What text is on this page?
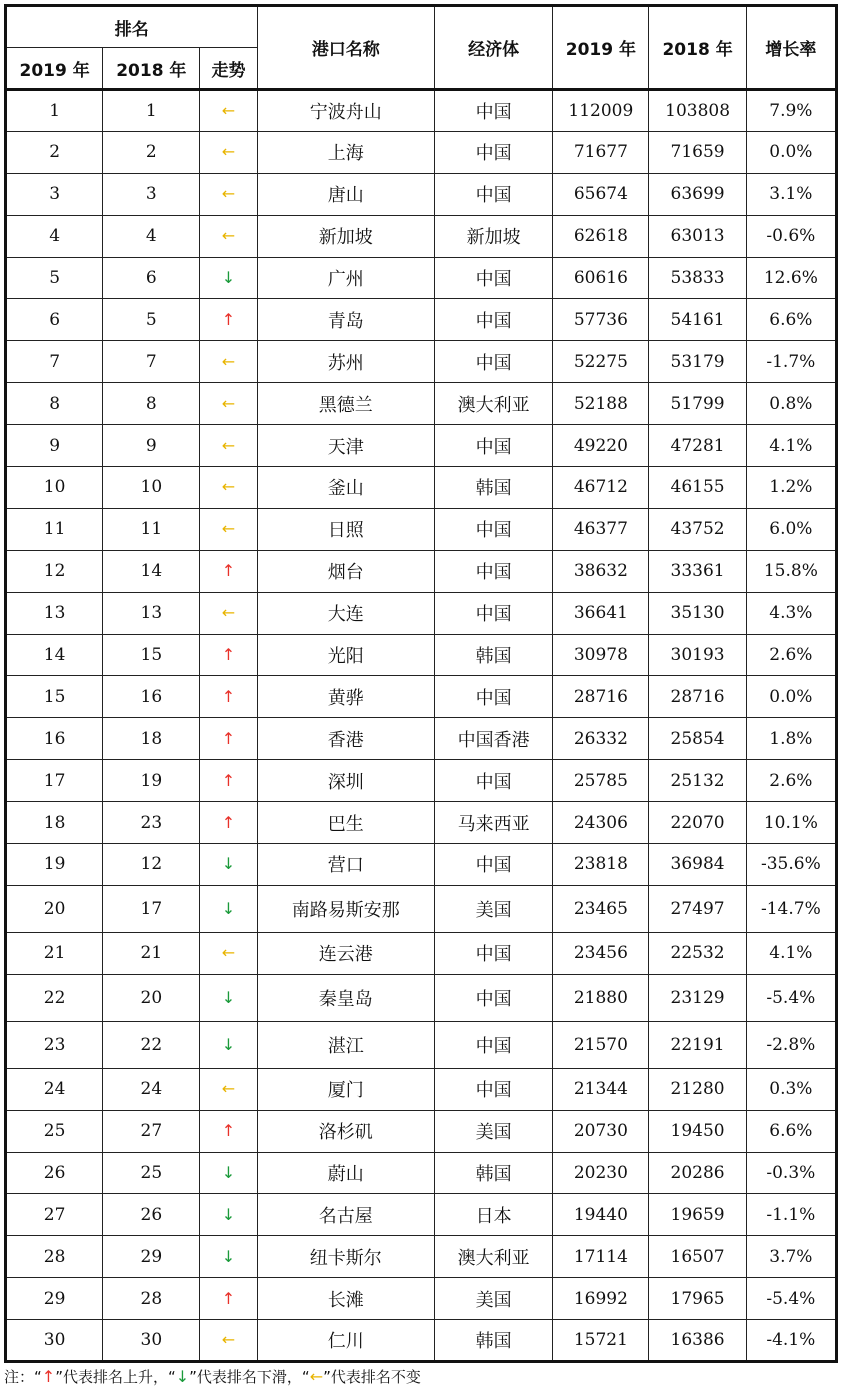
排名			港口名称	经济体	2019 年	2018 年	增长率
2019 年	2018 年	走势					
1	1	←	宁波舟山	中国	112009	103808	7.9%
2	2	←	上海	中国	71677	71659	0.0%
3	3	←	唐山	中国	65674	63699	3.1%
4	4	←	新加坡	新加坡	62618	63013	-0.6%
5	6	↓	广州	中国	60616	53833	12.6%
6	5	↑	青岛	中国	57736	54161	6.6%
7	7	←	苏州	中国	52275	53179	-1.7%
8	8	←	黑德兰	澳大利亚	52188	51799	0.8%
9	9	←	天津	中国	49220	47281	4.1%
10	10	←	釜山	韩国	46712	46155	1.2%
11	11	←	日照	中国	46377	43752	6.0%
12	14	↑	烟台	中国	38632	33361	15.8%
13	13	←	大连	中国	36641	35130	4.3%
14	15	↑	光阳	韩国	30978	30193	2.6%
15	16	↑	黄骅	中国	28716	28716	0.0%
16	18	↑	香港	中国香港	26332	25854	1.8%
17	19	↑	深圳	中国	25785	25132	2.6%
18	23	↑	巴生	马来西亚	24306	22070	10.1%
19	12	↓	营口	中国	23818	36984	-35.6%
20	17	↓	南路易斯安那	美国	23465	27497	-14.7%
21	21	←	连云港	中国	23456	22532	4.1%
22	20	↓	秦皇岛	中国	21880	23129	-5.4%
23	22	↓	湛江	中国	21570	22191	-2.8%
24	24	←	厦门	中国	21344	21280	0.3%
25	27	↑	洛杉矶	美国	20730	19450	6.6%
26	25	↓	蔚山	韩国	20230	20286	-0.3%
27	26	↓	名古屋	日本	19440	19659	-1.1%
28	29	↓	纽卡斯尔	澳大利亚	17114	16507	3.7%
29	28	↑	长滩	美国	16992	17965	-5.4%
30	30	←	仁川	韩国	15721	16386	-4.1%
注：“↑”代表排名上升，“↓”代表排名下滑，“←”代表排名不变
